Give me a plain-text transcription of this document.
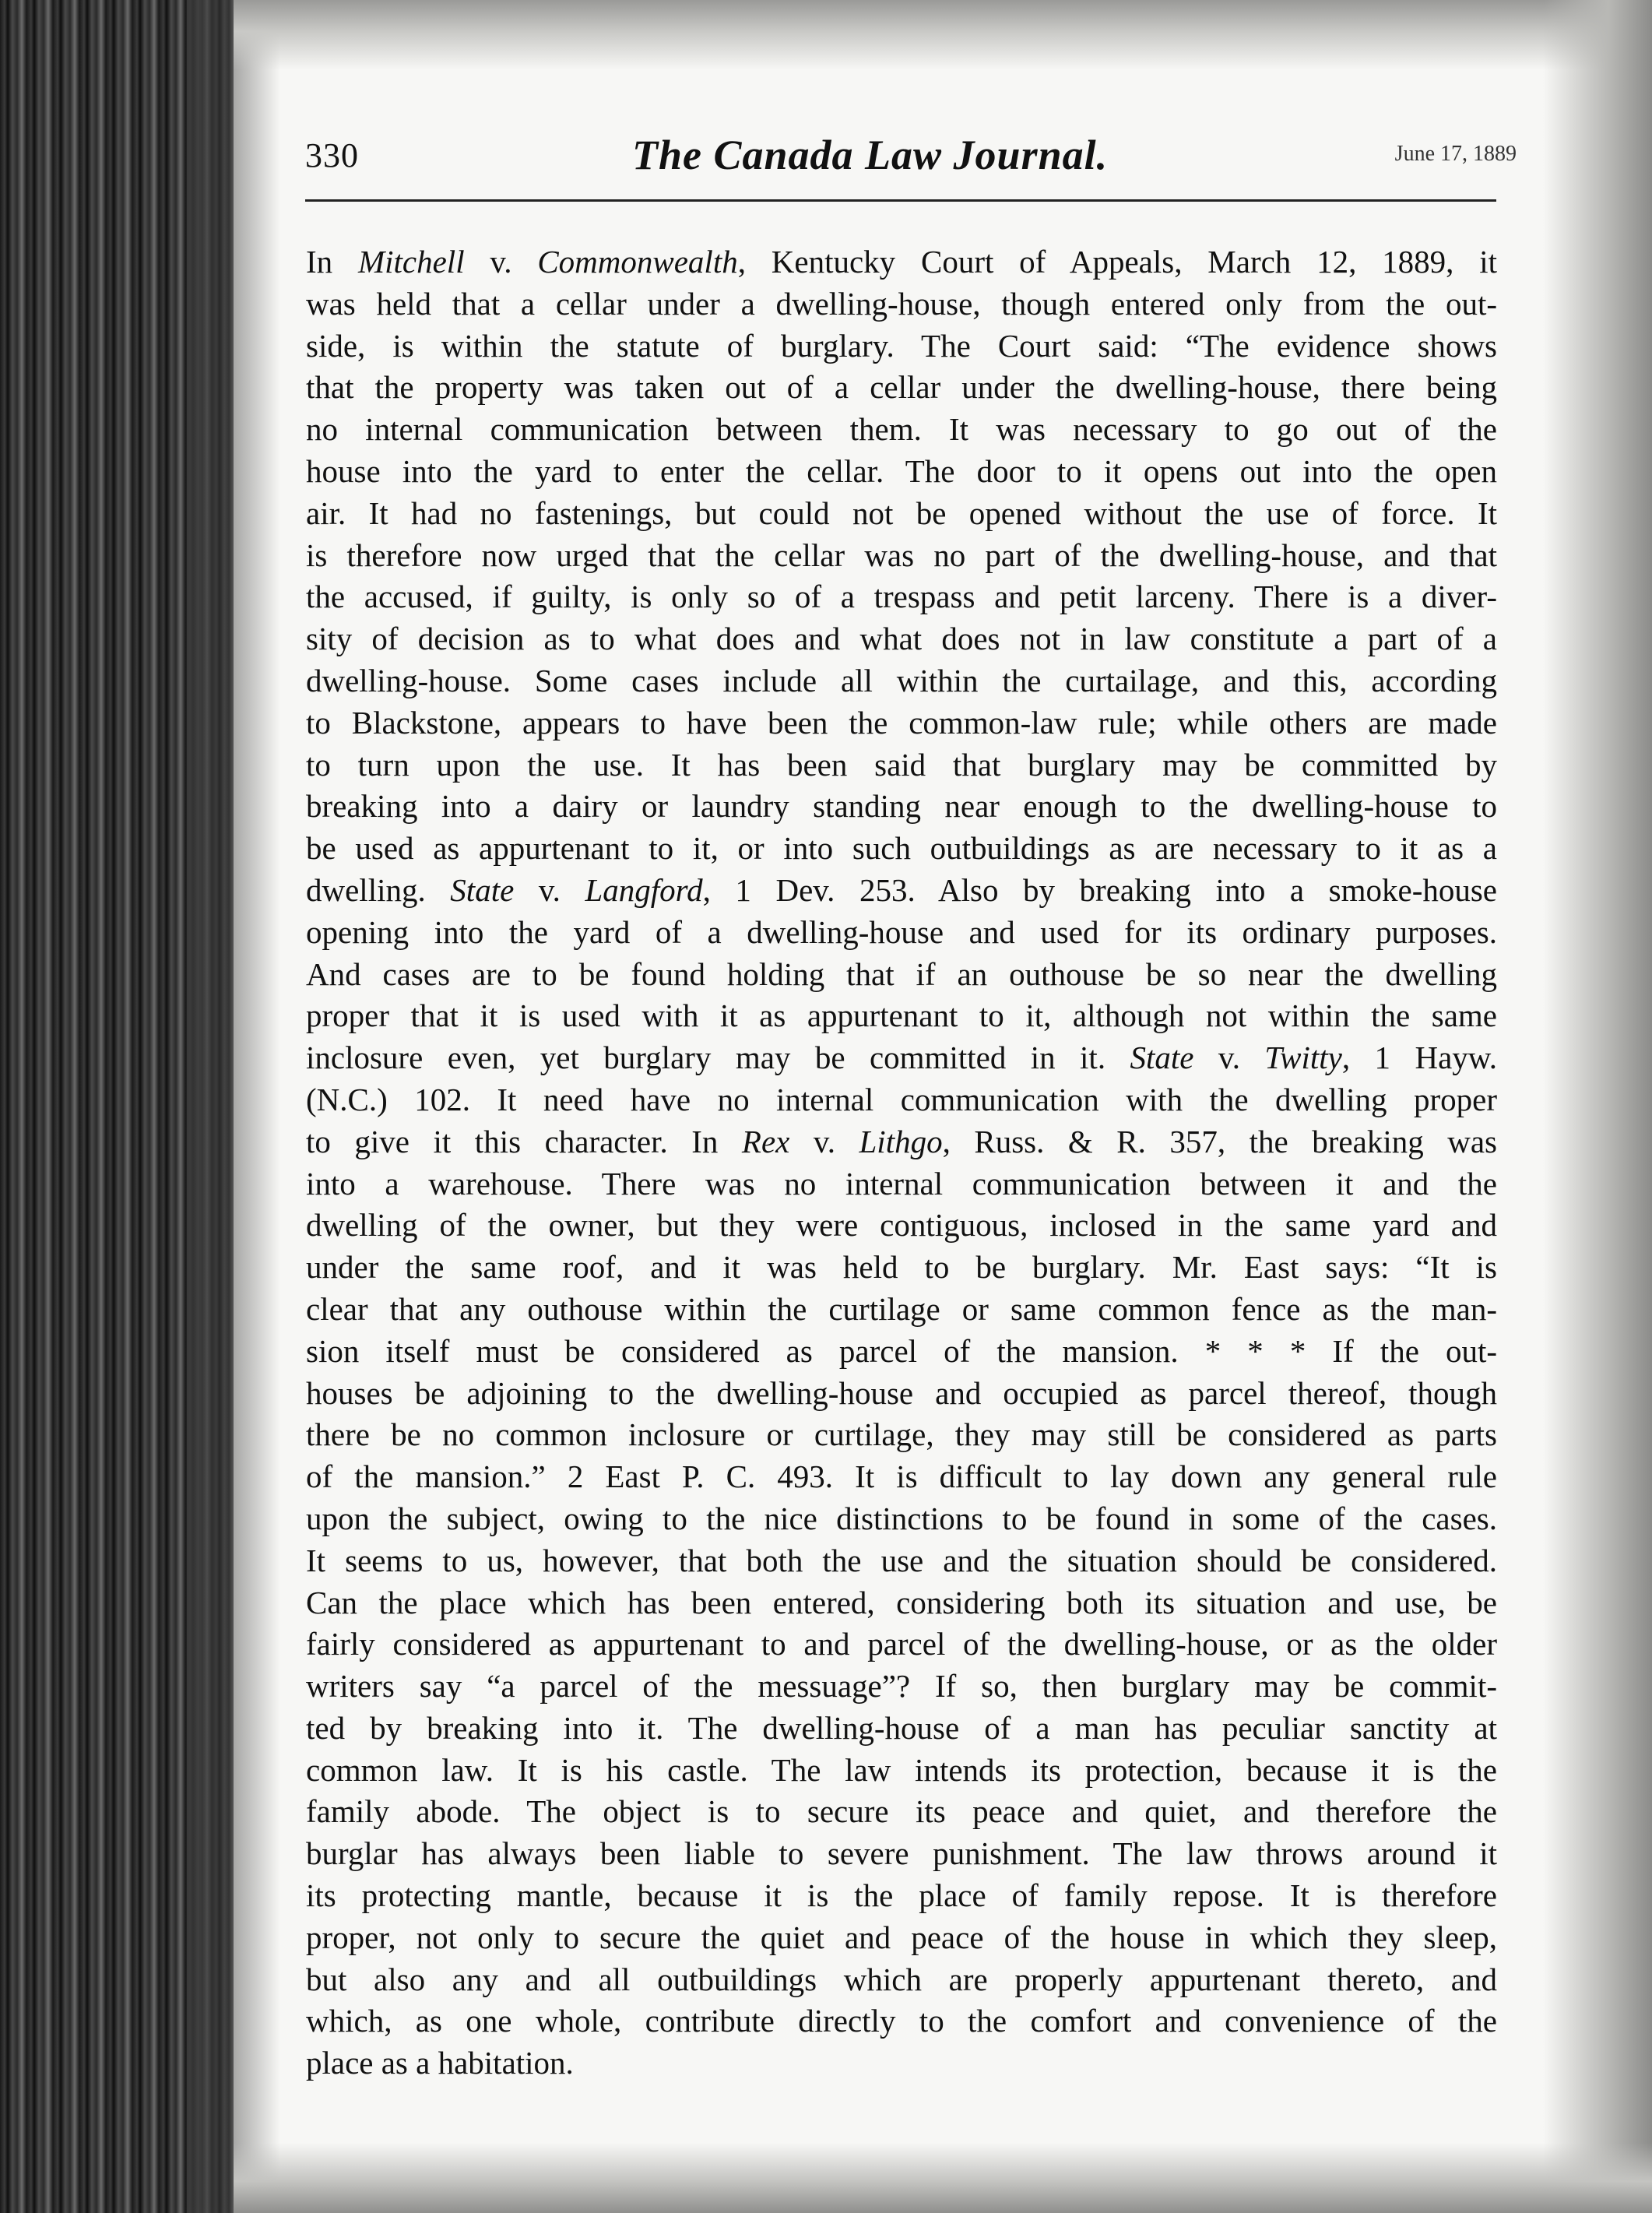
330	The Canada Law Journal.	June 17, 1889
In Mitchell v. Commonwealth, Kentucky Court of Appeals, March 12, 1889, it
was held that a cellar under a dwelling-house, though entered only from the out-
side, is within the statute of burglary. The Court said: “The evidence shows
that the property was taken out of a cellar under the dwelling-house, there being
no internal communication between them. It was necessary to go out of the
house into the yard to enter the cellar. The door to it opens out into the open
air. It had no fastenings, but could not be opened without the use of force. It
is therefore now urged that the cellar was no part of the dwelling-house, and that
the accused, if guilty, is only so of a trespass and petit larceny. There is a diver-
sity of decision as to what does and what does not in law constitute a part of a
dwelling-house. Some cases include all within the curtailage, and this, according
to Blackstone, appears to have been the common-law rule; while others are made
to turn upon the use. It has been said that burglary may be committed by
breaking into a dairy or laundry standing near enough to the dwelling-house to
be used as appurtenant to it, or into such outbuildings as are necessary to it as a
dwelling. State v. Langford, 1 Dev. 253. Also by breaking into a smoke-house
opening into the yard of a dwelling-house and used for its ordinary purposes.
And cases are to be found holding that if an outhouse be so near the dwelling
proper that it is used with it as appurtenant to it, although not within the same
inclosure even, yet burglary may be committed in it. State v. Twitty, 1 Hayw.
(N.C.) 102. It need have no internal communication with the dwelling proper
to give it this character. In Rex v. Lithgo, Russ. & R. 357, the breaking was
into a warehouse. There was no internal communication between it and the
dwelling of the owner, but they were contiguous, inclosed in the same yard and
under the same roof, and it was held to be burglary. Mr. East says: “It is
clear that any outhouse within the curtilage or same common fence as the man-
sion itself must be considered as parcel of the mansion. * * * If the out-
houses be adjoining to the dwelling-house and occupied as parcel thereof, though
there be no common inclosure or curtilage, they may still be considered as parts
of the mansion.” 2 East P. C. 493. It is difficult to lay down any general rule
upon the subject, owing to the nice distinctions to be found in some of the cases.
It seems to us, however, that both the use and the situation should be considered.
Can the place which has been entered, considering both its situation and use, be
fairly considered as appurtenant to and parcel of the dwelling-house, or as the older
writers say “a parcel of the messuage”? If so, then burglary may be commit-
ted by breaking into it. The dwelling-house of a man has peculiar sanctity at
common law. It is his castle. The law intends its protection, because it is the
family abode. The object is to secure its peace and quiet, and therefore the
burglar has always been liable to severe punishment. The law throws around it
its protecting mantle, because it is the place of family repose. It is therefore
proper, not only to secure the quiet and peace of the house in which they sleep,
but also any and all outbuildings which are properly appurtenant thereto, and
which, as one whole, contribute directly to the comfort and convenience of the
place as a habitation.
